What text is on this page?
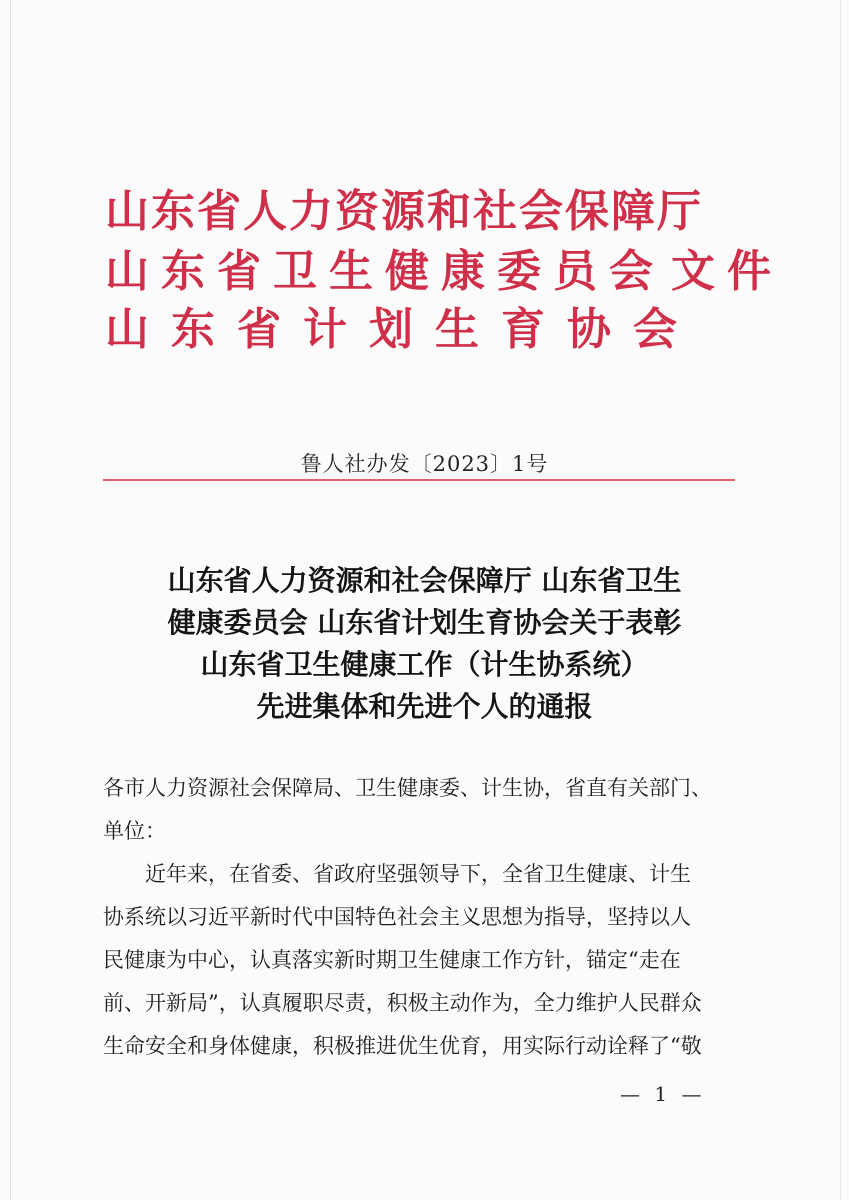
山东省人力资源和社会保障厅
山东省卫生健康委员会 文件
山东省计划生育协会
鲁人社办发〔2023〕1号
山东省人力资源和社会保障厅 山东省卫生
健康委员会 山东省计划生育协会关于表彰
山东省卫生健康工作（计生协系统）
先进集体和先进个人的通报
各市人力资源社会保障局、卫生健康委、计生协，省直有关部门、
单位：
近年来，在省委、省政府坚强领导下，全省卫生健康、计生
协系统以习近平新时代中国特色社会主义思想为指导，坚持以人
民健康为中心，认真落实新时期卫生健康工作方针，锚定“走在
前、开新局”，认真履职尽责，积极主动作为，全力维护人民群众
生命安全和身体健康，积极推进优生优育，用实际行动诠释了“敬
— 1 —
